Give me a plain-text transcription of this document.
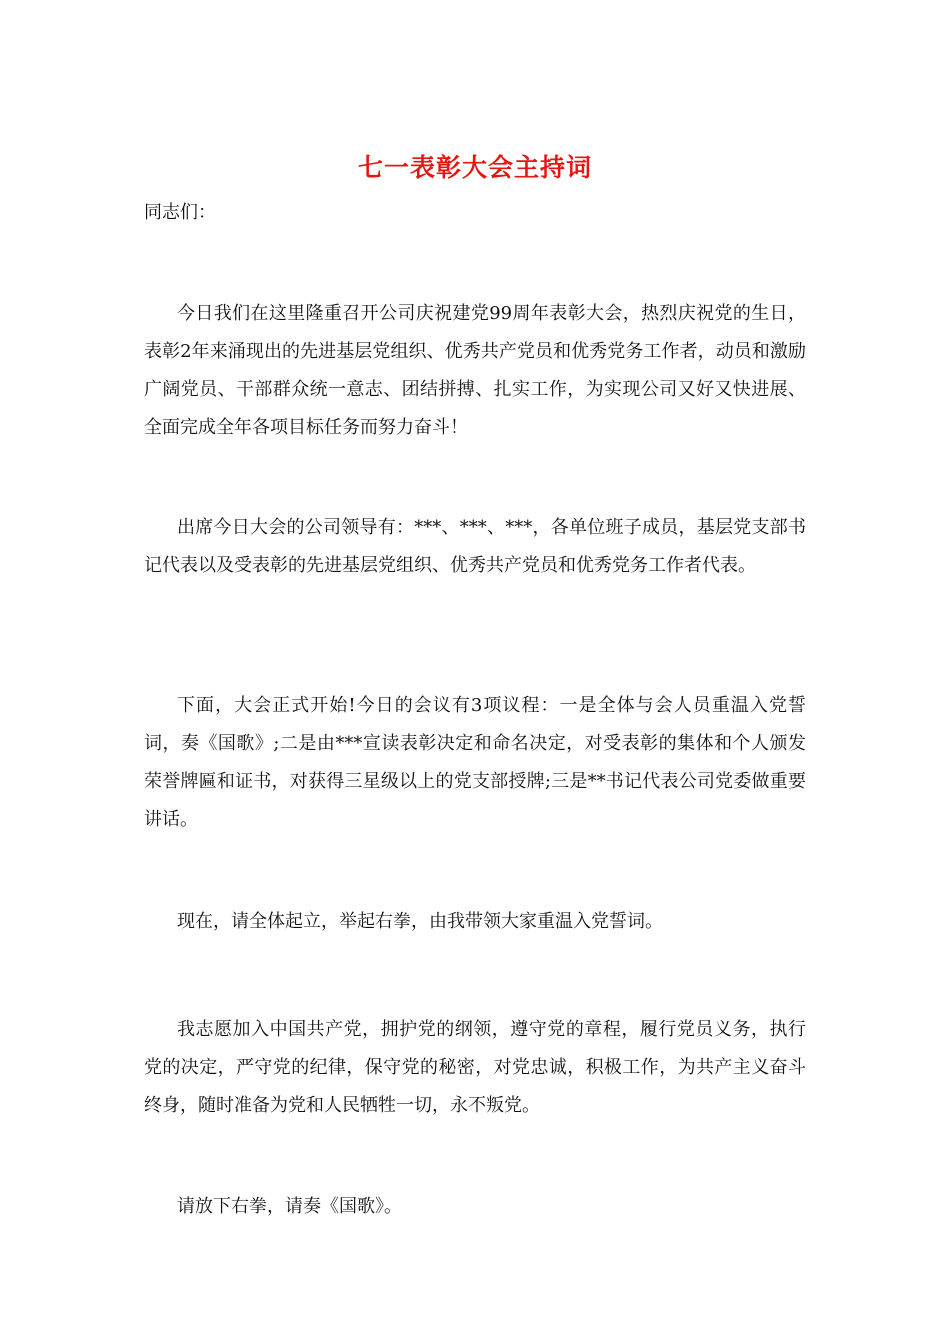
七一表彰大会主持词
同志们：

今日我们在这里隆重召开公司庆祝建党99周年表彰大会，热烈庆祝党的生日，表彰2年来涌现出的先进基层党组织、优秀共产党员和优秀党务工作者，动员和激励广阔党员、干部群众统一意志、团结拼搏、扎实工作，为实现公司又好又快进展、全面完成全年各项目标任务而努力奋斗！

出席今日大会的公司领导有：***、***、***，各单位班子成员，基层党支部书记代表以及受表彰的先进基层党组织、优秀共产党员和优秀党务工作者代表。

下面，大会正式开始!今日的会议有3项议程：一是全体与会人员重温入党誓词，奏《国歌》;二是由***宣读表彰决定和命名决定，对受表彰的集体和个人颁发荣誉牌匾和证书，对获得三星级以上的党支部授牌;三是**书记代表公司党委做重要讲话。

现在，请全体起立，举起右拳，由我带领大家重温入党誓词。

我志愿加入中国共产党，拥护党的纲领，遵守党的章程，履行党员义务，执行党的决定，严守党的纪律，保守党的秘密，对党忠诚，积极工作，为共产主义奋斗终身，随时准备为党和人民牺牲一切，永不叛党。

请放下右拳，请奏《国歌》。
